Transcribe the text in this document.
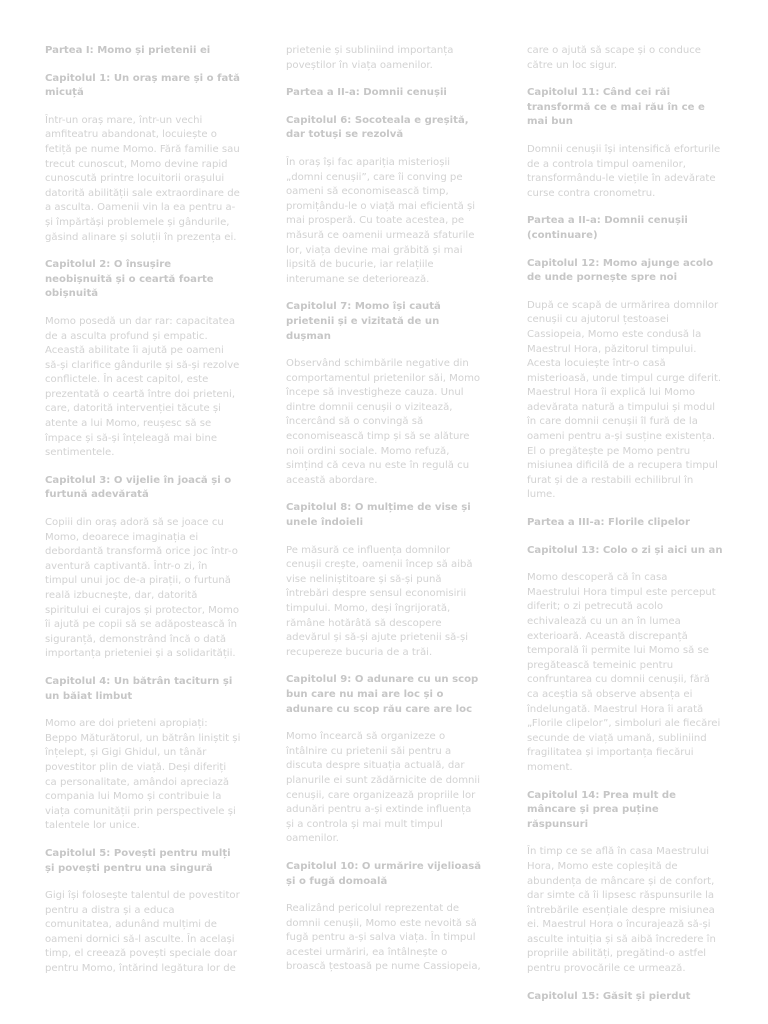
Partea I: Momo și prietenii ei
Capitolul 1: Un oraș mare și o fată micuță
Într-un oraș mare, într-un vechi amfiteatru abandonat, locuiește o fetiță pe nume Momo. Fără familie sau trecut cunoscut, Momo devine rapid cunoscută printre locuitorii orașului datorită abilității sale extraordinare de a asculta. Oamenii vin la ea pentru a-și împărtăși problemele și gândurile, găsind alinare și soluții în prezența ei.
Capitolul 2: O însușire neobișnuită și o ceartă foarte obișnuită
Momo posedă un dar rar: capacitatea de a asculta profund și empatic. Această abilitate îi ajută pe oameni să-și clarifice gândurile și să-și rezolve conflictele. În acest capitol, este prezentată o ceartă între doi prieteni, care, datorită intervenției tăcute și atente a lui Momo, reușesc să se împace și să-și înțeleagă mai bine sentimentele.
Capitolul 3: O vijelie în joacă și o furtună adevărată
Copiii din oraș adoră să se joace cu Momo, deoarece imaginația ei debordantă transformă orice joc într-o aventură captivantă. Într-o zi, în timpul unui joc de-a pirații, o furtună reală izbucnește, dar, datorită spiritului ei curajos și protector, Momo îi ajută pe copii să se adăpostească în siguranță, demonstrând încă o dată importanța prieteniei și a solidarității.
Capitolul 4: Un bătrân taciturn și un băiat limbut
Momo are doi prieteni apropiați: Beppo Măturătorul, un bătrân liniștit și înțelept, și Gigi Ghidul, un tânăr povestitor plin de viață. Deși diferiți ca personalitate, amândoi apreciază compania lui Momo și contribuie la viața comunității prin perspectivele și talentele lor unice.
Capitolul 5: Povești pentru mulți și povești pentru una singură
Gigi își folosește talentul de povestitor pentru a distra și a educa comunitatea, adunând mulțimi de oameni dornici să-l asculte. În același timp, el creează povești speciale doar pentru Momo, întărind legătura lor de
prietenie și subliniind importanța poveștilor în viața oamenilor.
Partea a II-a: Domnii cenușii
Capitolul 6: Socoteala e greșită, dar totuși se rezolvă
În oraș își fac apariția misterioșii „domni cenușii”, care îi conving pe oameni să economisească timp, promițându-le o viață mai eficientă și mai prosperă. Cu toate acestea, pe măsură ce oamenii urmează sfaturile lor, viața devine mai grăbită și mai lipsită de bucurie, iar relațiile interumane se deteriorează.
Capitolul 7: Momo își caută prietenii și e vizitată de un dușman
Observând schimbările negative din comportamentul prietenilor săi, Momo începe să investigheze cauza. Unul dintre domnii cenușii o vizitează, încercând să o convingă să economisească timp și să se alăture noii ordini sociale. Momo refuză, simțind că ceva nu este în regulă cu această abordare.
Capitolul 8: O mulțime de vise și unele îndoieli
Pe măsură ce influența domnilor cenușii crește, oamenii încep să aibă vise neliniștitoare și să-și pună întrebări despre sensul economisirii timpului. Momo, deși îngrijorată, rămâne hotărâtă să descopere adevărul și să-și ajute prietenii să-și recupereze bucuria de a trăi.
Capitolul 9: O adunare cu un scop bun care nu mai are loc și o adunare cu scop rău care are loc
Momo încearcă să organizeze o întâlnire cu prietenii săi pentru a discuta despre situația actuală, dar planurile ei sunt zădărnicite de domnii cenușii, care organizează propriile lor adunări pentru a-și extinde influența și a controla și mai mult timpul oamenilor.
Capitolul 10: O urmărire vijelioasă și o fugă domoală
Realizând pericolul reprezentat de domnii cenușii, Momo este nevoită să fugă pentru a-și salva viața. În timpul acestei urmăriri, ea întâlnește o broască țestoasă pe nume Cassiopeia,
care o ajută să scape și o conduce către un loc sigur.
Capitolul 11: Când cei răi transformă ce e mai rău în ce e mai bun
Domnii cenușii își intensifică eforturile de a controla timpul oamenilor, transformându-le viețile în adevărate curse contra cronometru.
Partea a II-a: Domnii cenușii (continuare)
Capitolul 12: Momo ajunge acolo de unde pornește spre noi
După ce scapă de urmărirea domnilor cenușii cu ajutorul țestoasei Cassiopeia, Momo este condusă la Maestrul Hora, păzitorul timpului. Acesta locuiește într-o casă misterioasă, unde timpul curge diferit. Maestrul Hora îi explică lui Momo adevărata natură a timpului și modul în care domnii cenușii îl fură de la oameni pentru a-și susține existența. El o pregătește pe Momo pentru misiunea dificilă de a recupera timpul furat și de a restabili echilibrul în lume.
Partea a III-a: Florile clipelor
Capitolul 13: Colo o zi și aici un an
Momo descoperă că în casa Maestrului Hora timpul este perceput diferit; o zi petrecută acolo echivalează cu un an în lumea exterioară. Această discrepanță temporală îi permite lui Momo să se pregătească temeinic pentru confruntarea cu domnii cenușii, fără ca aceștia să observe absența ei îndelungată. Maestrul Hora îi arată „Florile clipelor”, simboluri ale fiecărei secunde de viață umană, subliniind fragilitatea și importanța fiecărui moment.
Capitolul 14: Prea mult de mâncare și prea puține răspunsuri
În timp ce se află în casa Maestrului Hora, Momo este copleșită de abundența de mâncare și de confort, dar simte că îi lipsesc răspunsurile la întrebările esențiale despre misiunea ei. Maestrul Hora o încurajează să-și asculte intuiția și să aibă încredere în propriile abilități, pregătind-o astfel pentru provocările ce urmează.
Capitolul 15: Găsit și pierdut
